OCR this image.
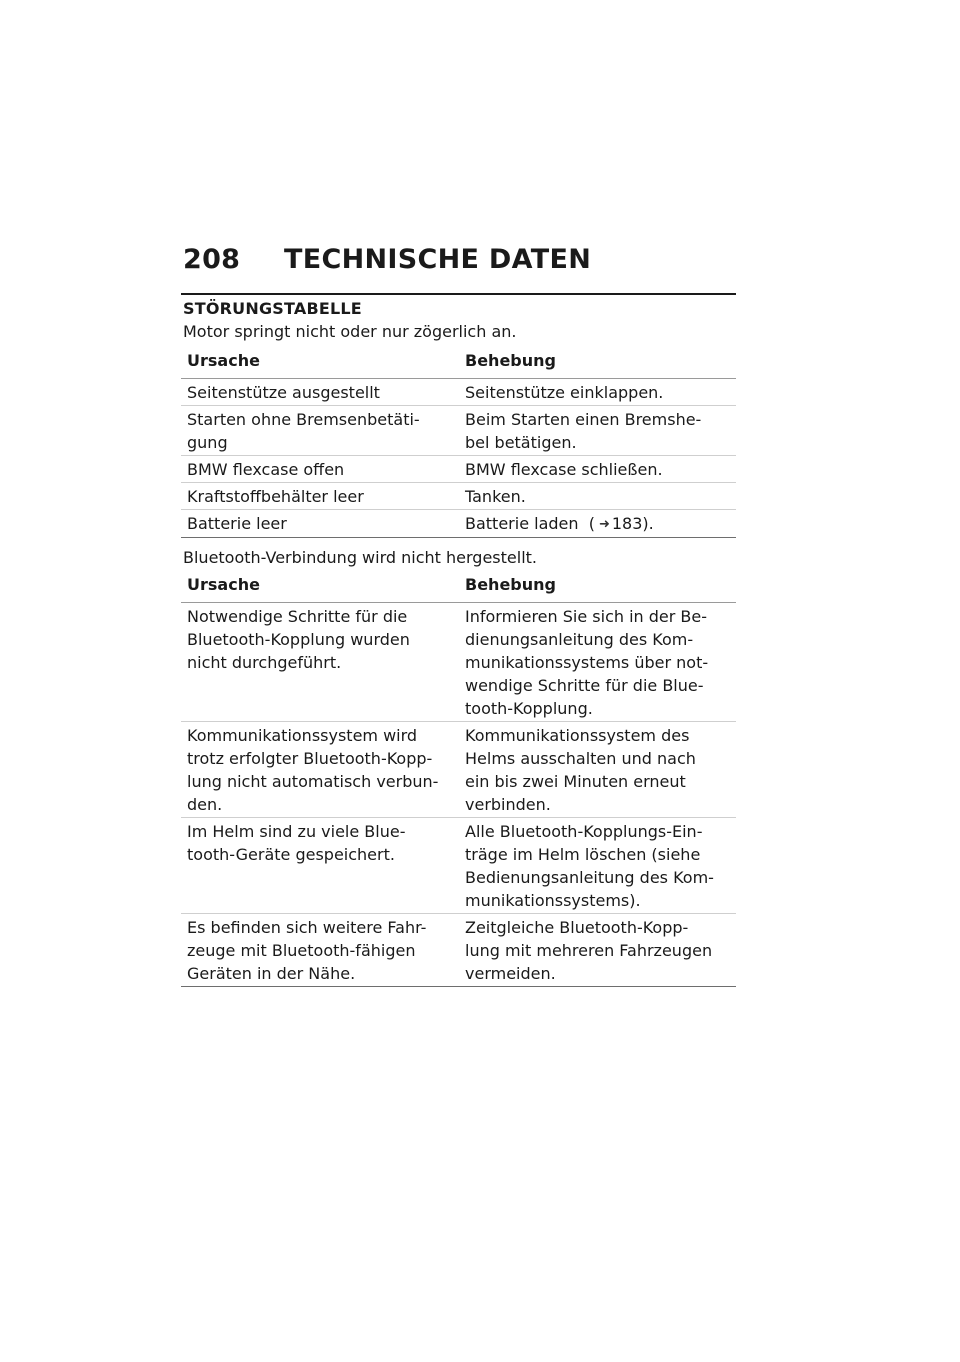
208 TECHNISCHE DATEN
STÖRUNGSTABELLE
Motor springt nicht oder nur zögerlich an.
Ursache	Behebung
Seitenstütze ausgestellt	Seitenstütze einklappen.
Starten ohne Bremsenbetäti-
gung	Beim Starten einen Bremshe-
bel betätigen.
BMW flexcase offen	BMW flexcase schließen.
Kraftstoffbehälter leer	Tanken.
Batterie leer	Batterie laden ( ➜ 183).
Bluetooth-Verbindung wird nicht hergestellt.
Ursache	Behebung
Notwendige Schritte für die
Bluetooth-Kopplung wurden
nicht durchgeführt.	Informieren Sie sich in der Be-
dienungsanleitung des Kom-
munikationssystems über not-
wendige Schritte für die Blue-
tooth-Kopplung.
Kommunikationssystem wird
trotz erfolgter Bluetooth-Kopp-
lung nicht automatisch verbun-
den.	Kommunikationssystem des
Helms ausschalten und nach
ein bis zwei Minuten erneut
verbinden.
Im Helm sind zu viele Blue-
tooth-Geräte gespeichert.	Alle Bluetooth-Kopplungs-Ein-
träge im Helm löschen (siehe
Bedienungsanleitung des Kom-
munikationssystems).
Es befinden sich weitere Fahr-
zeuge mit Bluetooth-fähigen
Geräten in der Nähe.	Zeitgleiche Bluetooth-Kopp-
lung mit mehreren Fahrzeugen
vermeiden.
